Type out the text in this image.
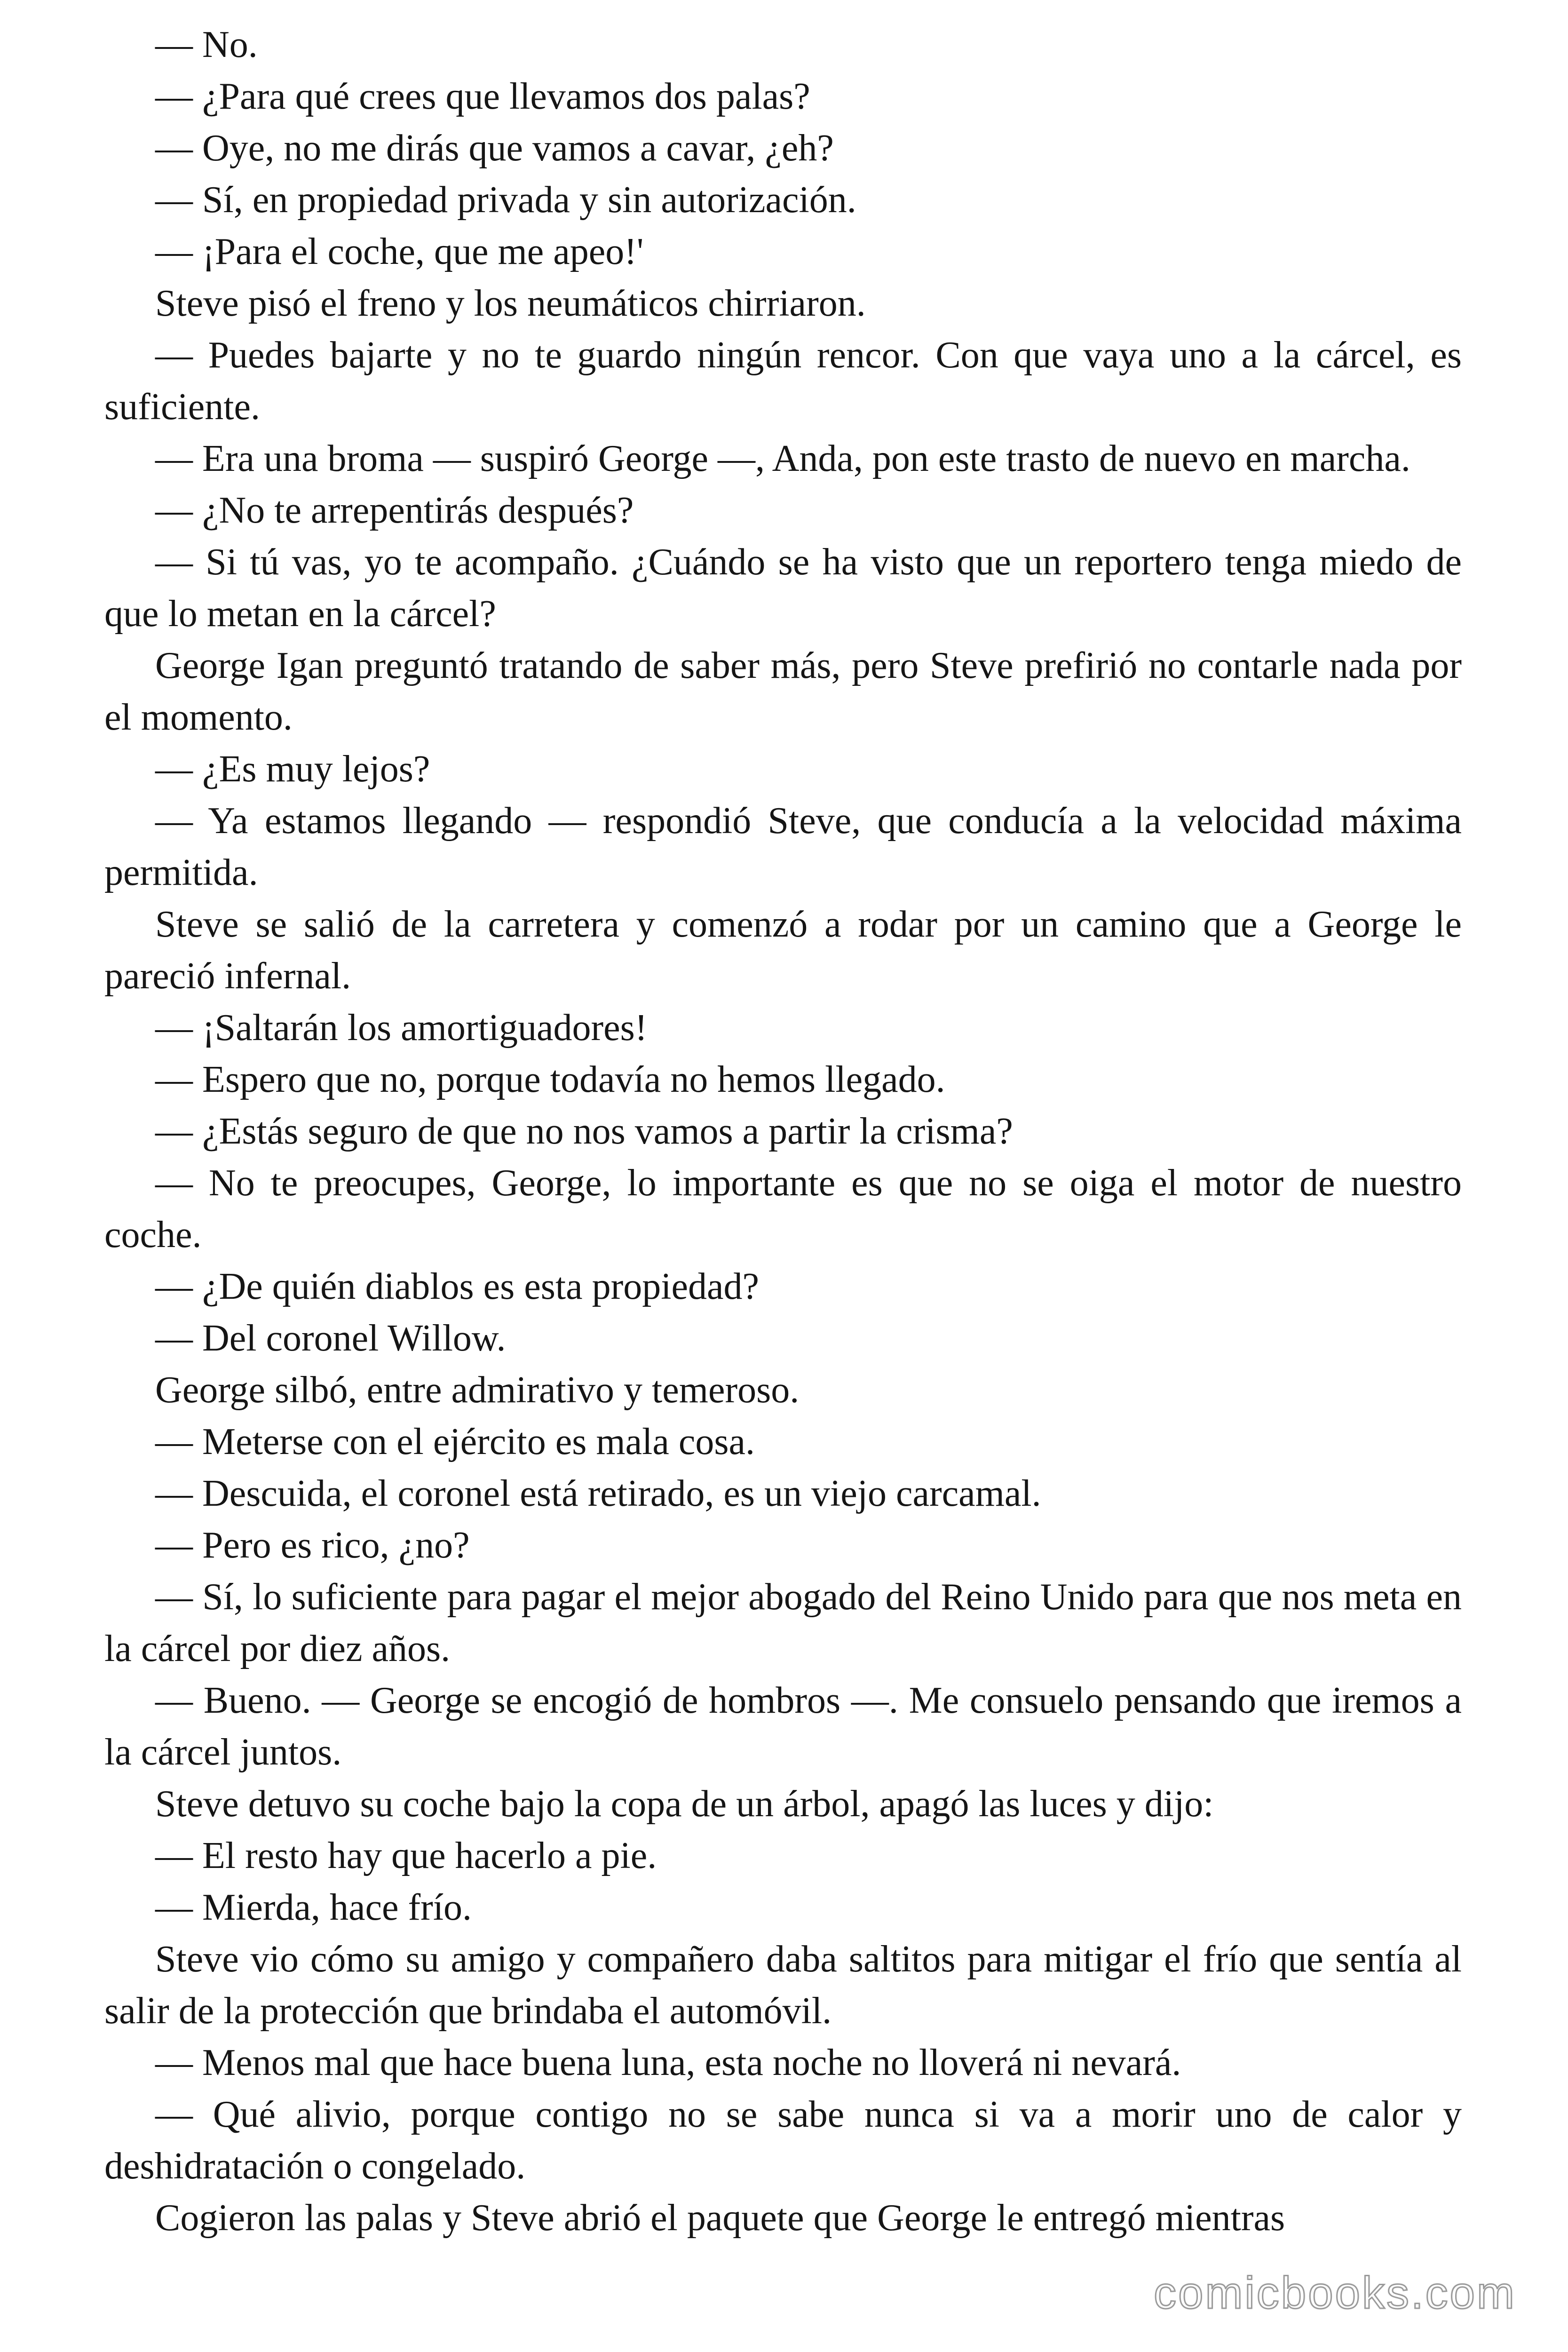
— No.

— ¿Para qué crees que llevamos dos palas?

— Oye, no me dirás que vamos a cavar, ¿eh?

— Sí, en propiedad privada y sin autorización.

— ¡Para el coche, que me apeo!'

Steve pisó el freno y los neumáticos chirriaron.

— Puedes bajarte y no te guardo ningún rencor. Con que vaya uno a la cárcel, es suficiente.

— Era una broma — suspiró George —, Anda, pon este trasto de nuevo en marcha.

— ¿No te arrepentirás después?

— Si tú vas, yo te acompaño. ¿Cuándo se ha visto que un reportero tenga miedo de que lo metan en la cárcel?

George Igan preguntó tratando de saber más, pero Steve prefirió no contarle nada por el momento.

— ¿Es muy lejos?

— Ya estamos llegando — respondió Steve, que conducía a la velocidad máxima permitida.

Steve se salió de la carretera y comenzó a rodar por un camino que a George le pareció infernal.

— ¡Saltarán los amortiguadores!

— Espero que no, porque todavía no hemos llegado.

— ¿Estás seguro de que no nos vamos a partir la crisma?

— No te preocupes, George, lo importante es que no se oiga el motor de nuestro coche.

— ¿De quién diablos es esta propiedad?

— Del coronel Willow.

George silbó, entre admirativo y temeroso.

— Meterse con el ejército es mala cosa.

— Descuida, el coronel está retirado, es un viejo carcamal.

— Pero es rico, ¿no?

— Sí, lo suficiente para pagar el mejor abogado del Reino Unido para que nos meta en la cárcel por diez años.

— Bueno. — George se encogió de hombros —. Me consuelo pensando que iremos a la cárcel juntos.

Steve detuvo su coche bajo la copa de un árbol, apagó las luces y dijo:

— El resto hay que hacerlo a pie.

— Mierda, hace frío.

Steve vio cómo su amigo y compañero daba saltitos para mitigar el frío que sentía al salir de la protección que brindaba el automóvil.

— Menos mal que hace buena luna, esta noche no lloverá ni nevará.

— Qué alivio, porque contigo no se sabe nunca si va a morir uno de calor y deshidratación o congelado.

Cogieron las palas y Steve abrió el paquete que George le entregó mientras

comicbooks.com
